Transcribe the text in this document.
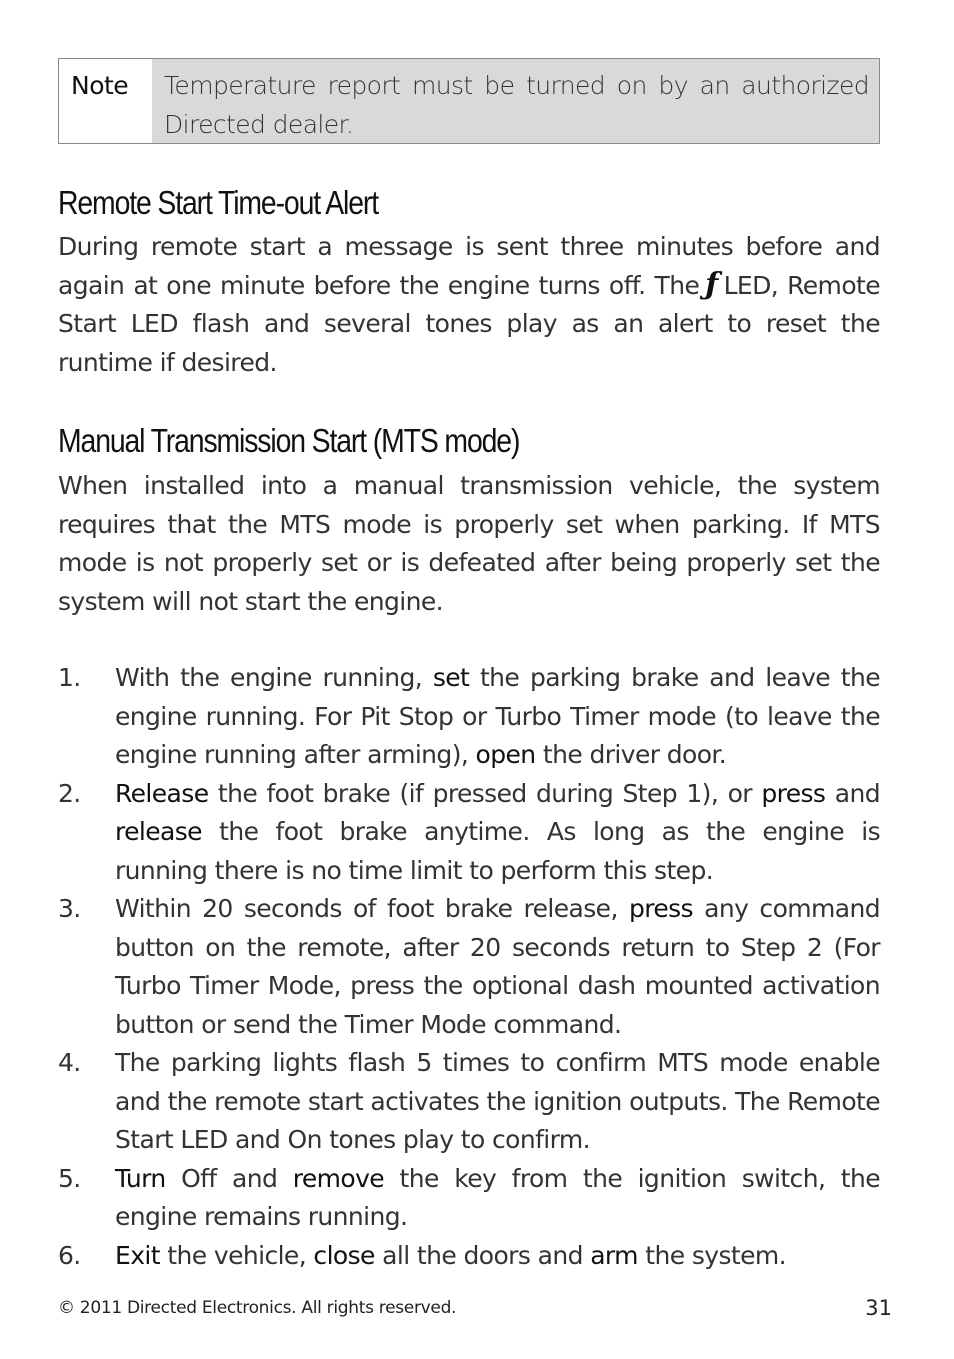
Note	Temperature report must be turned on by an authorized Directed dealer.
Remote Start Time-out Alert
During remote start a message is sent three minutes before and again at one minute before the engine turns off. The ƒ LED, Remote Start LED flash and several tones play as an alert to reset the runtime if desired.
Manual Transmission Start (MTS mode)
When installed into a manual transmission vehicle, the system requires that the MTS mode is properly set when parking. If MTS mode is not properly set or is defeated after being properly set the system will not start the engine.
1.	With the engine running, set the parking brake and leave the engine running. For Pit Stop or Turbo Timer mode (to leave the engine running after arming), open the driver door.
2.	Release the foot brake (if pressed during Step 1), or press and release the foot brake anytime. As long as the engine is running there is no time limit to perform this step.
3.	Within 20 seconds of foot brake release, press any command button on the remote, after 20 seconds return to Step 2 (For Turbo Timer Mode, press the optional dash mounted activation button or send the Timer Mode command.
4.	The parking lights flash 5 times to confirm MTS mode enable and the remote start activates the ignition outputs. The Remote Start LED and On tones play to confirm.
5.	Turn Off and remove the key from the ignition switch, the engine remains running.
6.	Exit the vehicle, close all the doors and arm the system.
© 2011 Directed Electronics. All rights reserved.	31
